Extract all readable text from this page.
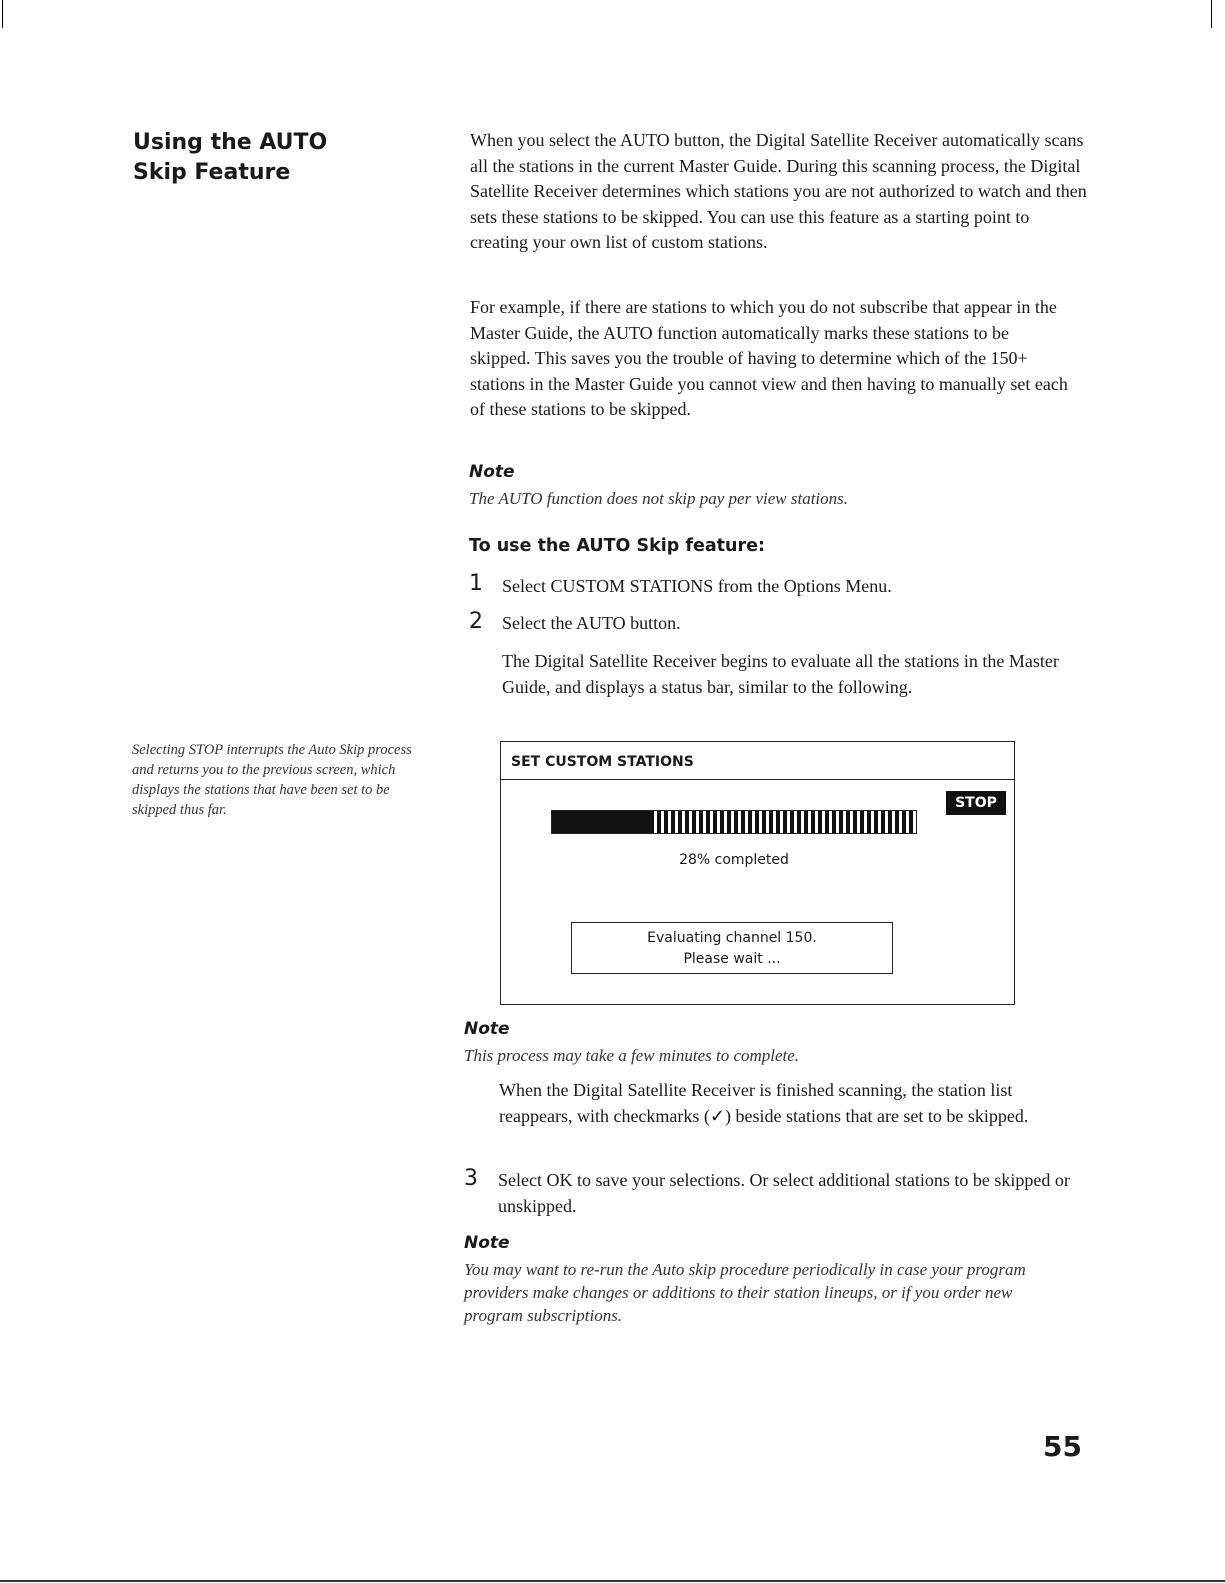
Using the AUTO
Skip Feature
Selecting STOP interrupts the Auto Skip process and returns you to the previous screen, which displays the stations that have been set to be skipped thus far.

When you select the AUTO button, the Digital Satellite Receiver automatically scans all the stations in the current Master Guide. During this scanning process, the Digital Satellite Receiver determines which stations you are not authorized to watch and then sets these stations to be skipped. You can use this feature as a starting point to creating your own list of custom stations.

For example, if there are stations to which you do not subscribe that appear in the Master Guide, the AUTO function automatically marks these stations to be skipped. This saves you the trouble of having to determine which of the 150+ stations in the Master Guide you cannot view and then having to manually set each of these stations to be skipped.

Note
The AUTO function does not skip pay per view stations.
To use the AUTO Skip feature:
1 Select CUSTOM STATIONS from the Options Menu.
2 Select the AUTO button.

The Digital Satellite Receiver begins to evaluate all the stations in the Master Guide, and displays a status bar, similar to the following.

SET CUSTOM STATIONS
STOP
28% completed
Evaluating channel 150.
Please wait ...
Note
This process may take a few minutes to complete.

When the Digital Satellite Receiver is finished scanning, the station list reappears, with checkmarks (✓) beside stations that are set to be skipped.

3 Select OK to save your selections. Or select additional stations to be skipped or unskipped.

Note
You may want to re-run the Auto skip procedure periodically in case your program providers make changes or additions to their station lineups, or if you order new program subscriptions.
55
